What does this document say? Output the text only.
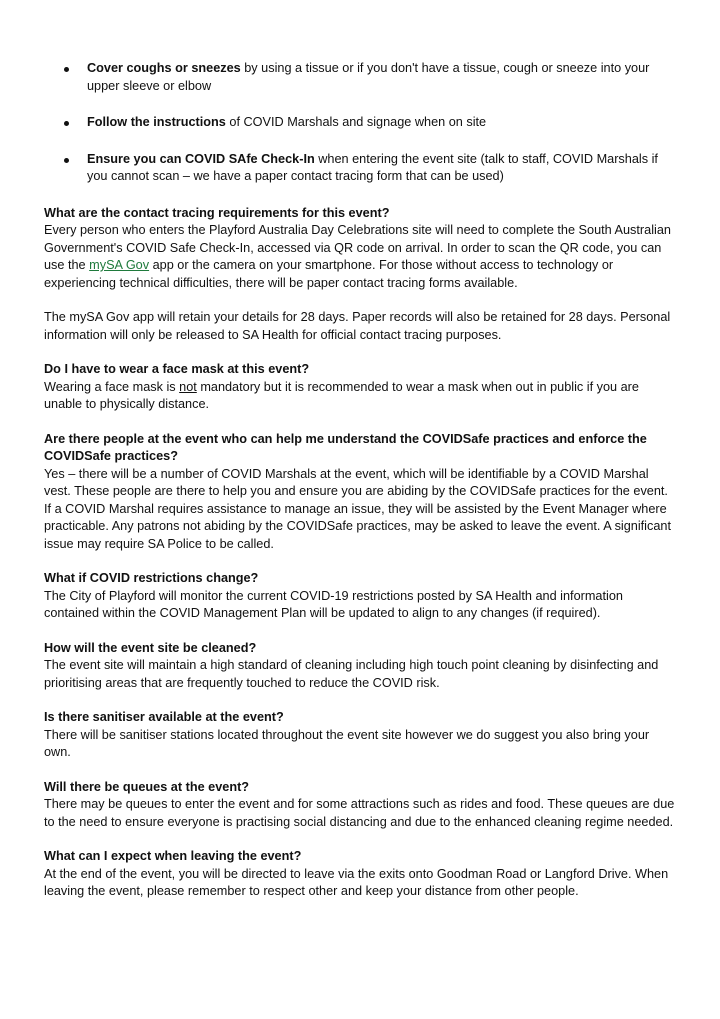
Cover coughs or sneezes by using a tissue or if you don't have a tissue, cough or sneeze into your upper sleeve or elbow
Follow the instructions of COVID Marshals and signage when on site
Ensure you can COVID SAfe Check-In when entering the event site (talk to staff, COVID Marshals if you cannot scan – we have a paper contact tracing form that can be used)

What are the contact tracing requirements for this event?

Every person who enters the Playford Australia Day Celebrations site will need to complete the South Australian Government's COVID Safe Check-In, accessed via QR code on arrival. In order to scan the QR code, you can use the mySA Gov app or the camera on your smartphone. For those without access to technology or experiencing technical difficulties, there will be paper contact tracing forms available.

The mySA Gov app will retain your details for 28 days. Paper records will also be retained for 28 days. Personal information will only be released to SA Health for official contact tracing purposes.

Do I have to wear a face mask at this event?

Wearing a face mask is not mandatory but it is recommended to wear a mask when out in public if you are unable to physically distance.

Are there people at the event who can help me understand the COVIDSafe practices and enforce the COVIDSafe practices?

Yes – there will be a number of COVID Marshals at the event, which will be identifiable by a COVID Marshal vest. These people are there to help you and ensure you are abiding by the COVIDSafe practices for the event. If a COVID Marshal requires assistance to manage an issue, they will be assisted by the Event Manager where practicable. Any patrons not abiding by the COVIDSafe practices, may be asked to leave the event. A significant issue may require SA Police to be called.

What if COVID restrictions change?

The City of Playford will monitor the current COVID-19 restrictions posted by SA Health and information contained within the COVID Management Plan will be updated to align to any changes (if required).

How will the event site be cleaned?

The event site will maintain a high standard of cleaning including high touch point cleaning by disinfecting and prioritising areas that are frequently touched to reduce the COVID risk.

Is there sanitiser available at the event?

There will be sanitiser stations located throughout the event site however we do suggest you also bring your own.

Will there be queues at the event?

There may be queues to enter the event and for some attractions such as rides and food. These queues are due to the need to ensure everyone is practising social distancing and due to the enhanced cleaning regime needed.

What can I expect when leaving the event?

At the end of the event, you will be directed to leave via the exits onto Goodman Road or Langford Drive. When leaving the event, please remember to respect other and keep your distance from other people.
